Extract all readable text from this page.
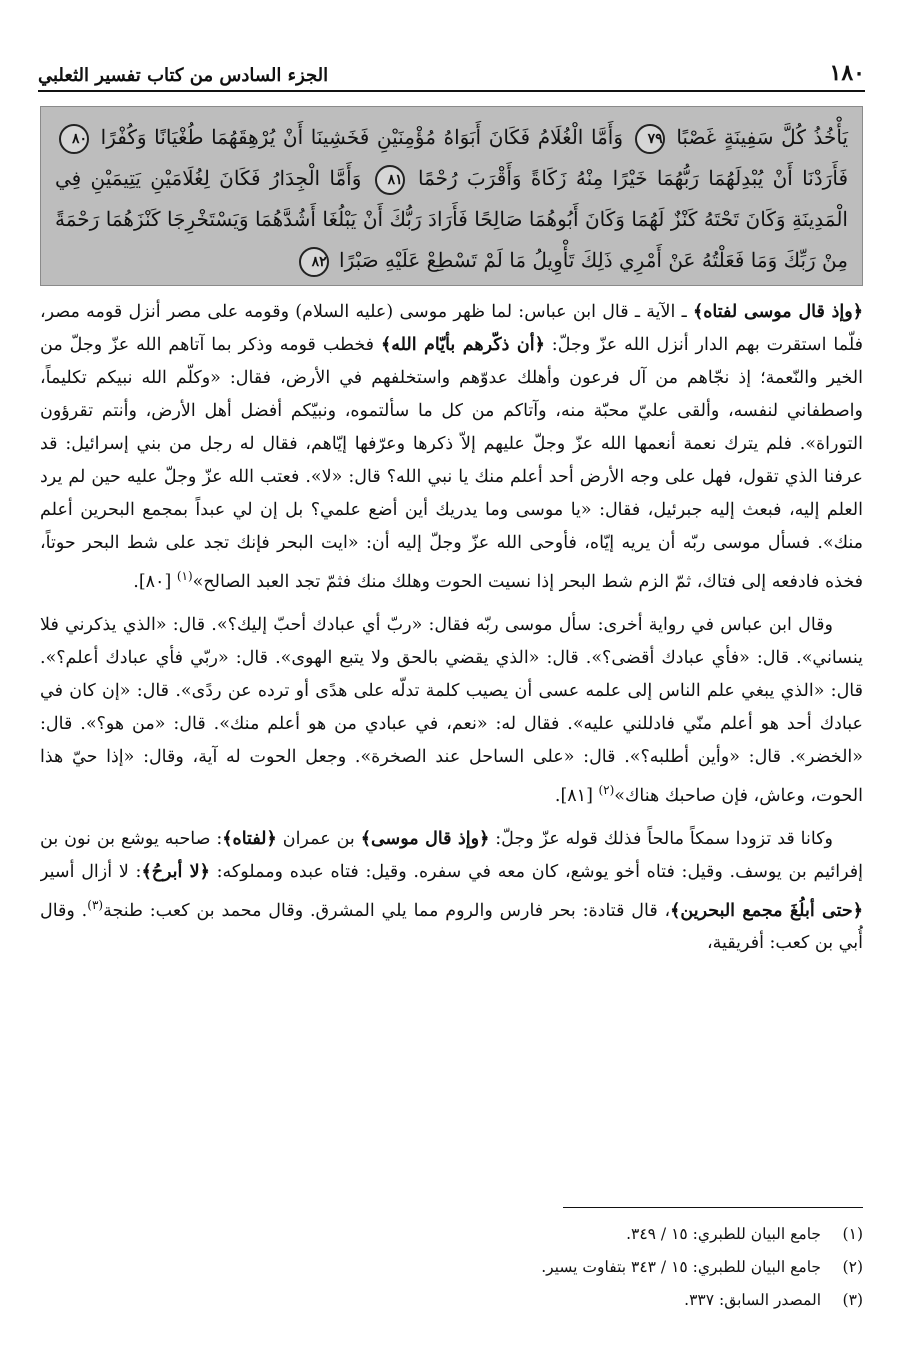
١٨٠
الجزء السادس من كتاب تفسير الثعلبي
يَأْخُذُ كُلَّ سَفِينَةٍ غَصْبًا ٧٩ وَأَمَّا الْغُلَامُ فَكَانَ أَبَوَاهُ مُؤْمِنَيْنِ فَخَشِينَا أَنْ يُرْهِقَهُمَا طُغْيَانًا وَكُفْرًا ٨٠ فَأَرَدْنَا أَنْ يُبْدِلَهُمَا رَبُّهُمَا خَيْرًا مِنْهُ زَكَاةً وَأَقْرَبَ رُحْمًا ٨١ وَأَمَّا الْجِدَارُ فَكَانَ لِغُلَامَيْنِ يَتِيمَيْنِ فِي الْمَدِينَةِ وَكَانَ تَحْتَهُ كَنْزٌ لَهُمَا وَكَانَ أَبُوهُمَا صَالِحًا فَأَرَادَ رَبُّكَ أَنْ يَبْلُغَا أَشُدَّهُمَا وَيَسْتَخْرِجَا كَنْزَهُمَا رَحْمَةً مِنْ رَبِّكَ وَمَا فَعَلْتُهُ عَنْ أَمْرِي ذَلِكَ تَأْوِيلُ مَا لَمْ تَسْطِعْ عَلَيْهِ صَبْرًا ٨٢

﴿وإذ قال موسى لفتاه﴾ ـ الآية ـ قال ابن عباس: لما ظهر موسى (عليه السلام) وقومه على مصر أنزل قومه مصر، فلّما استقرت بهم الدار أنزل الله عزّ وجلّ: ﴿أن ذكّرهم بأيّام الله﴾ فخطب قومه وذكر بما آتاهم الله عزّ وجلّ من الخير والنّعمة؛ إذ نجّاهم من آل فرعون وأهلك عدوّهم واستخلفهم في الأرض، فقال: «وكلّم الله نبيكم تكليماً، واصطفاني لنفسه، وألقى عليّ محبّة منه، وآتاكم من كل ما سألتموه، ونبيّكم أفضل أهل الأرض، وأنتم تقرؤون التوراة». فلم يترك نعمة أنعمها الله عزّ وجلّ عليهم إلاّ ذكرها وعرّفها إيّاهم، فقال له رجل من بني إسرائيل: قد عرفنا الذي تقول، فهل على وجه الأرض أحد أعلم منك يا نبي الله؟ قال: «لا». فعتب الله عزّ وجلّ عليه حين لم يرد العلم إليه، فبعث إليه جبرئيل، فقال: «يا موسى وما يدريك أين أضع علمي؟ بل إن لي عبداً بمجمع البحرين أعلم منك». فسأل موسى ربّه أن يريه إيّاه، فأوحى الله عزّ وجلّ إليه أن: «ايت البحر فإنك تجد على شط البحر حوتاً، فخذه فادفعه إلى فتاك، ثمّ الزم شط البحر إذا نسيت الحوت وهلك منك فثمّ تجد العبد الصالح»$^{(١)}$ [٨٠].

وقال ابن عباس في رواية أخرى: سأل موسى ربّه فقال: «ربّ أي عبادك أحبّ إليك؟». قال: «الذي يذكرني فلا ينساني». قال: «فأي عبادك أقضى؟». قال: «الذي يقضي بالحق ولا يتبع الهوى». قال: «ربّي فأي عبادك أعلم؟». قال: «الذي يبغي علم الناس إلى علمه عسى أن يصيب كلمة تدلّه على هدًى أو ترده عن ردًى». قال: «إن كان في عبادك أحد هو أعلم منّي فادللني عليه». فقال له: «نعم، في عبادي من هو أعلم منك». قال: «من هو؟». قال: «الخضر». قال: «وأين أطلبه؟». قال: «على الساحل عند الصخرة». وجعل الحوت له آية، وقال: «إذا حيّ هذا الحوت، وعاش، فإن صاحبك هناك»$^{(٢)}$ [٨١].

وكانا قد تزودا سمكاً مالحاً فذلك قوله عزّ وجلّ: ﴿وإذ قال موسى﴾ بن عمران ﴿لفتاه﴾: صاحبه يوشع بن نون بن إفرائيم بن يوسف. وقيل: فتاه أخو يوشع، كان معه في سفره. وقيل: فتاه عبده ومملوكه: ﴿لا أبرحُ﴾: لا أزال أسير ﴿حتى أبلُغَ مجمع البحرين﴾، قال قتادة: بحر فارس والروم مما يلي المشرق. وقال محمد بن كعب: طنجة$^{(٣)}$. وقال أُبي بن كعب: أفريقية،

(١)
جامع البيان للطبري: ١٥ / ٣٤٩.
(٢)
جامع البيان للطبري: ١٥ / ٣٤٣ بتفاوت يسير.
(٣)
المصدر السابق: ٣٣٧.
